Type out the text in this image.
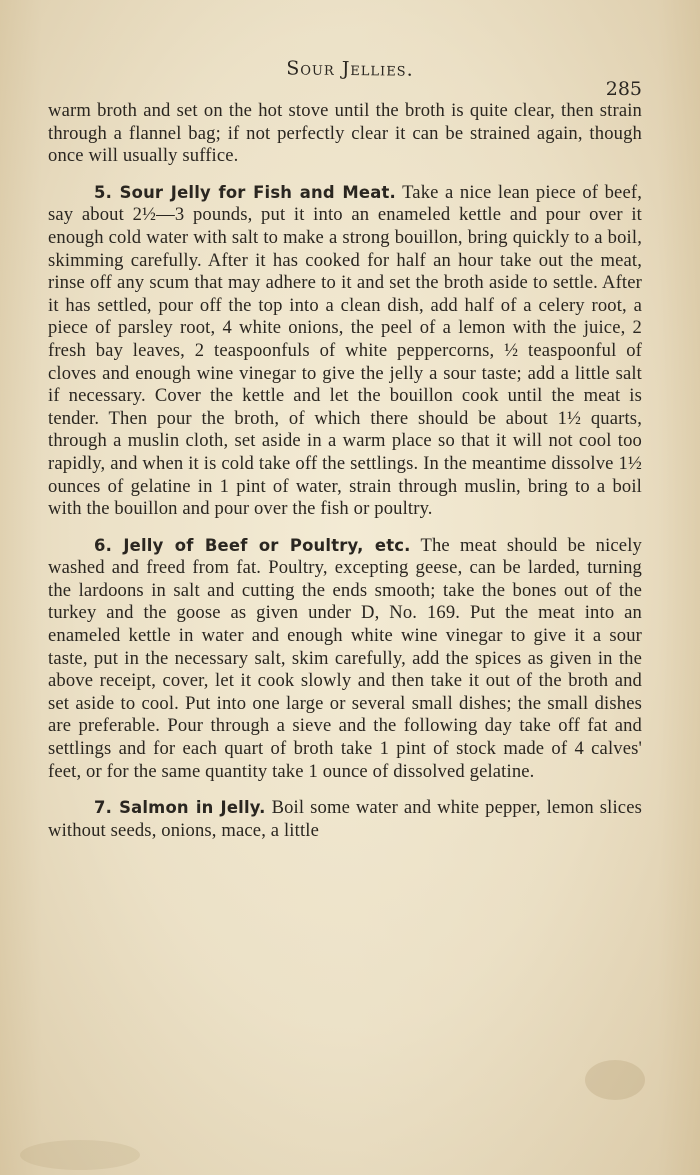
Sour Jellies.
285

warm broth and set on the hot stove until the broth is quite clear, then strain through a flannel bag; if not perfectly clear it can be strained again, though once will usually suffice.

5. Sour Jelly for Fish and Meat. Take a nice lean piece of beef, say about 2½—3 pounds, put it into an enameled kettle and pour over it enough cold water with salt to make a strong bouillon, bring quickly to a boil, skimming carefully. After it has cooked for half an hour take out the meat, rinse off any scum that may adhere to it and set the broth aside to settle. After it has settled, pour off the top into a clean dish, add half of a celery root, a piece of parsley root, 4 white onions, the peel of a lemon with the juice, 2 fresh bay leaves, 2 teaspoonfuls of white peppercorns, ½ teaspoonful of cloves and enough wine vinegar to give the jelly a sour taste; add a little salt if necessary. Cover the kettle and let the bouillon cook until the meat is tender. Then pour the broth, of which there should be about 1½ quarts, through a muslin cloth, set aside in a warm place so that it will not cool too rapidly, and when it is cold take off the settlings. In the meantime dissolve 1½ ounces of gelatine in 1 pint of water, strain through muslin, bring to a boil with the bouillon and pour over the fish or poultry.

6. Jelly of Beef or Poultry, etc. The meat should be nicely washed and freed from fat. Poultry, excepting geese, can be larded, turning the lardoons in salt and cutting the ends smooth; take the bones out of the turkey and the goose as given under D, No. 169. Put the meat into an enameled kettle in water and enough white wine vinegar to give it a sour taste, put in the necessary salt, skim carefully, add the spices as given in the above receipt, cover, let it cook slowly and then take it out of the broth and set aside to cool. Put into one large or several small dishes; the small dishes are preferable. Pour through a sieve and the following day take off fat and settlings and for each quart of broth take 1 pint of stock made of 4 calves' feet, or for the same quantity take 1 ounce of dissolved gelatine.

7. Salmon in Jelly. Boil some water and white pepper, lemon slices without seeds, onions, mace, a little
